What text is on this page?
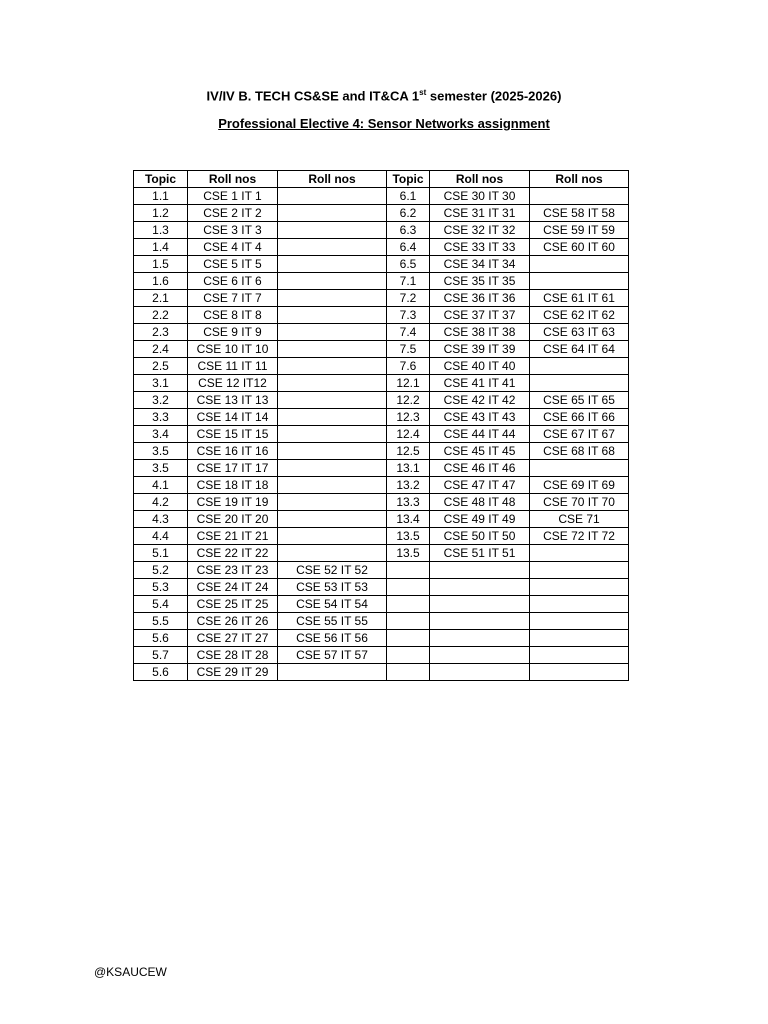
IV/IV B. TECH CS&SE and IT&CA 1st semester (2025-2026)
Professional Elective 4: Sensor Networks assignment
Topic	Roll nos	Roll nos	Topic	Roll nos	Roll nos
1.1	CSE 1 IT 1		6.1	CSE 30 IT 30	
1.2	CSE 2 IT 2		6.2	CSE 31 IT 31	CSE 58 IT 58
1.3	CSE 3 IT 3		6.3	CSE 32 IT 32	CSE 59 IT 59
1.4	CSE 4 IT 4		6.4	CSE 33 IT 33	CSE 60 IT 60
1.5	CSE 5 IT 5		6.5	CSE 34 IT 34	
1.6	CSE 6 IT 6		7.1	CSE 35 IT 35	
2.1	CSE 7 IT 7		7.2	CSE 36 IT 36	CSE 61 IT 61
2.2	CSE 8 IT 8		7.3	CSE 37 IT 37	CSE 62 IT 62
2.3	CSE 9 IT 9		7.4	CSE 38 IT 38	CSE 63 IT 63
2.4	CSE 10 IT 10		7.5	CSE 39 IT 39	CSE 64 IT 64
2.5	CSE 11 IT 11		7.6	CSE 40 IT 40	
3.1	CSE 12 IT12		12.1	CSE 41 IT 41	
3.2	CSE 13 IT 13		12.2	CSE 42 IT 42	CSE 65 IT 65
3.3	CSE 14 IT 14		12.3	CSE 43 IT 43	CSE 66 IT 66
3.4	CSE 15 IT 15		12.4	CSE 44 IT 44	CSE 67 IT 67
3.5	CSE 16 IT 16		12.5	CSE 45 IT 45	CSE 68 IT 68
3.5	CSE 17 IT 17		13.1	CSE 46 IT 46	
4.1	CSE 18 IT 18		13.2	CSE 47 IT 47	CSE 69 IT 69
4.2	CSE 19 IT 19		13.3	CSE 48 IT 48	CSE 70 IT 70
4.3	CSE 20 IT 20		13.4	CSE 49 IT 49	CSE 71
4.4	CSE 21 IT 21		13.5	CSE 50 IT 50	CSE 72 IT 72
5.1	CSE 22 IT 22		13.5	CSE 51 IT 51	
5.2	CSE 23 IT 23	CSE 52 IT 52			
5.3	CSE 24 IT 24	CSE 53 IT 53			
5.4	CSE 25 IT 25	CSE 54 IT 54			
5.5	CSE 26 IT 26	CSE 55 IT 55			
5.6	CSE 27 IT 27	CSE 56 IT 56			
5.7	CSE 28 IT 28	CSE 57 IT 57			
5.6	CSE 29 IT 29				
@KSAUCEW
